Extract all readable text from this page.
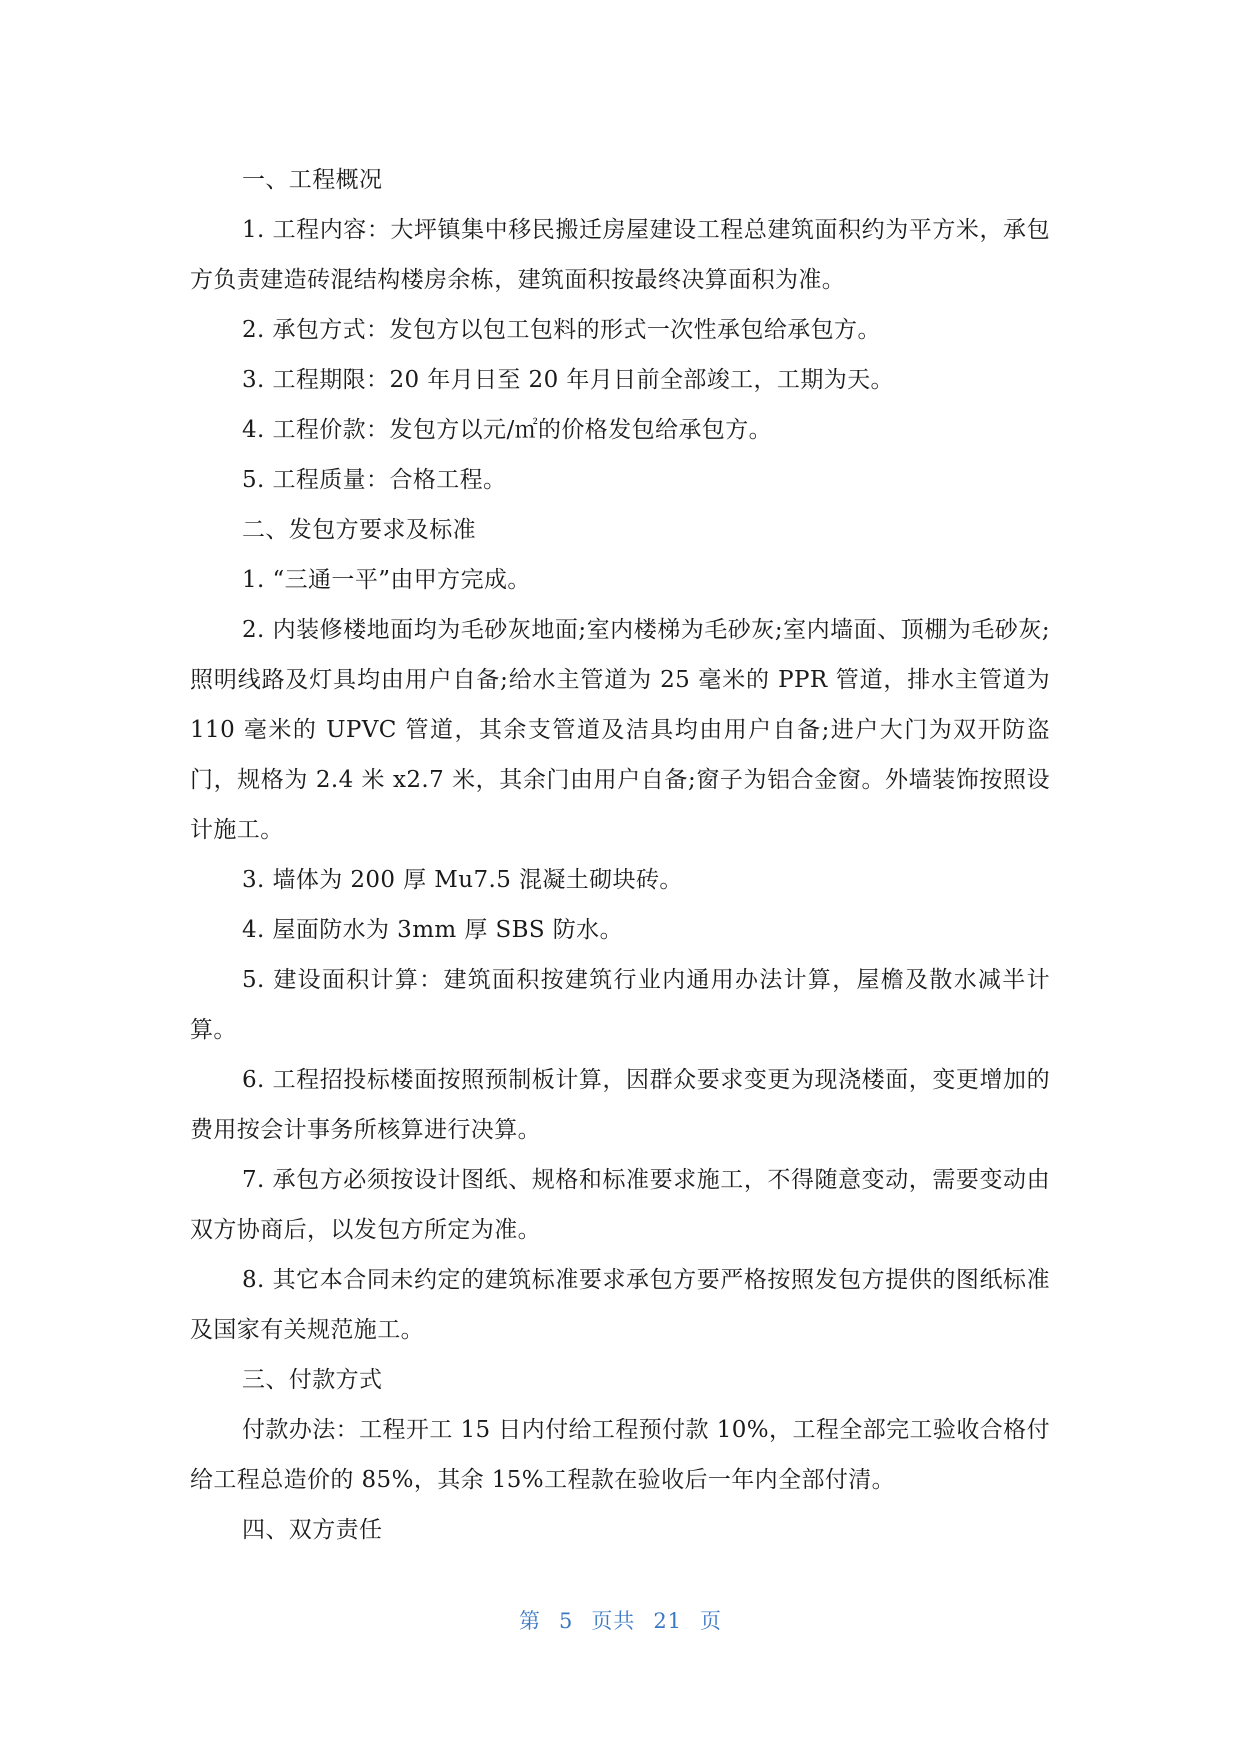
一、工程概况

1. 工程内容：大坪镇集中移民搬迁房屋建设工程总建筑面积约为平方米，承包方负责建造砖混结构楼房余栋，建筑面积按最终决算面积为准。

2. 承包方式：发包方以包工包料的形式一次性承包给承包方。

3. 工程期限：20 年月日至 20 年月日前全部竣工，工期为天。

4. 工程价款：发包方以元/㎡的价格发包给承包方。

5. 工程质量：合格工程。

二、发包方要求及标准

1. “三通一平”由甲方完成。

2. 内装修楼地面均为毛砂灰地面;室内楼梯为毛砂灰;室内墙面、顶棚为毛砂灰;照明线路及灯具均由用户自备;给水主管道为 25 毫米的 PPR 管道，排水主管道为 110 毫米的 UPVC 管道，其余支管道及洁具均由用户自备;进户大门为双开防盗门，规格为 2.4 米 x2.7 米，其余门由用户自备;窗子为铝合金窗。外墙装饰按照设计施工。

3. 墙体为 200 厚 Mu7.5 混凝土砌块砖。

4. 屋面防水为 3mm 厚 SBS 防水。

5. 建设面积计算：建筑面积按建筑行业内通用办法计算，屋檐及散水减半计算。

6. 工程招投标楼面按照预制板计算，因群众要求变更为现浇楼面，变更增加的费用按会计事务所核算进行决算。

7. 承包方必须按设计图纸、规格和标准要求施工，不得随意变动，需要变动由双方协商后，以发包方所定为准。

8. 其它本合同未约定的建筑标准要求承包方要严格按照发包方提供的图纸标准及国家有关规范施工。

三、付款方式

付款办法：工程开工 15 日内付给工程预付款 10%，工程全部完工验收合格付给工程总造价的 85%，其余 15%工程款在验收后一年内全部付清。

四、双方责任

第 5 页共 21 页
